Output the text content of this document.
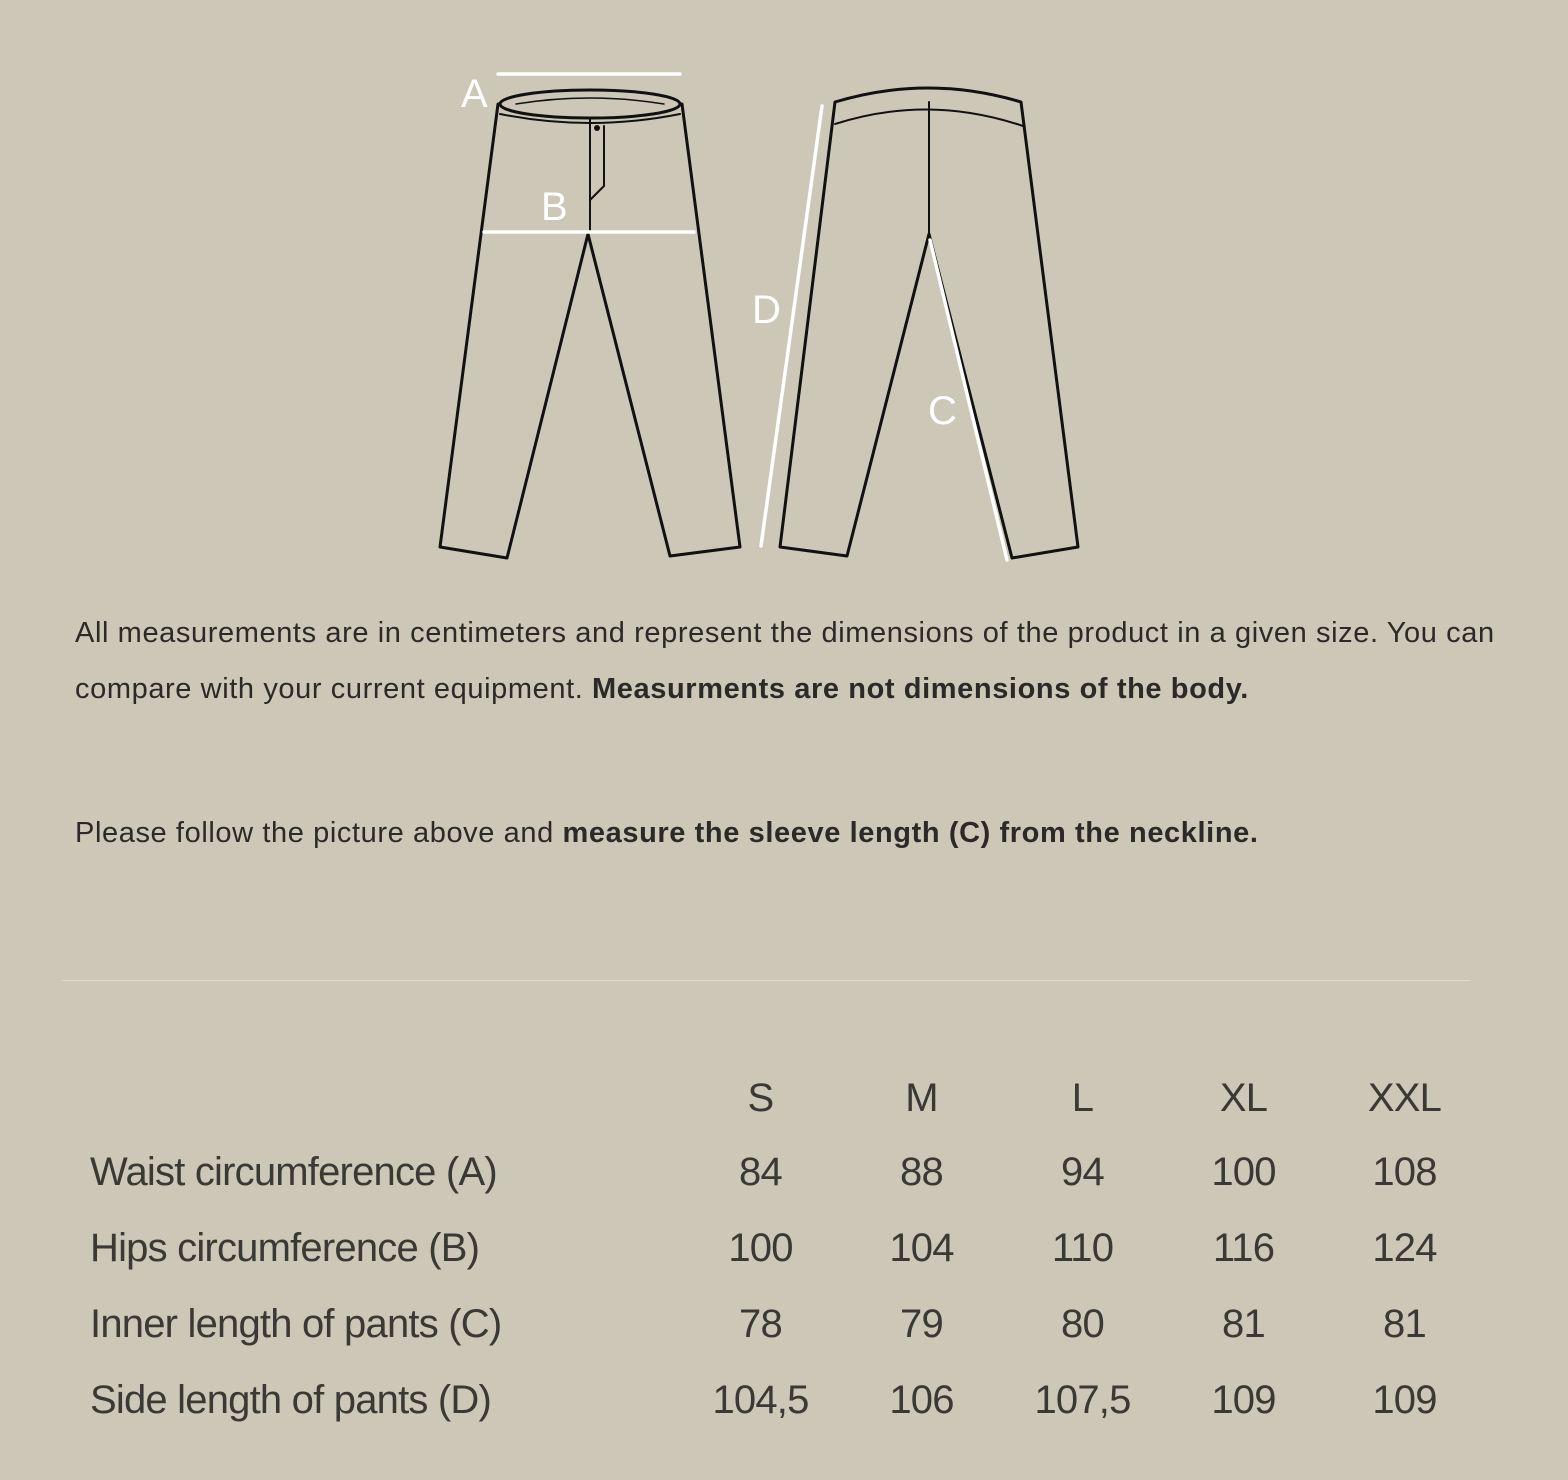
A
B
C
D

All measurements are in centimeters and represent the dimensions of the product in a given size. You can compare with your current equipment. Measurments are not dimensions of the body.

Please follow the picture above and measure the sleeve length (C) from the neckline.

	S	M	L	XL	XXL
Waist circumference (A)	84	88	94	100	108
Hips circumference (B)	100	104	110	116	124
Inner length of pants (C)	78	79	80	81	81
Side length of pants (D)	104,5	106	107,5	109	109
